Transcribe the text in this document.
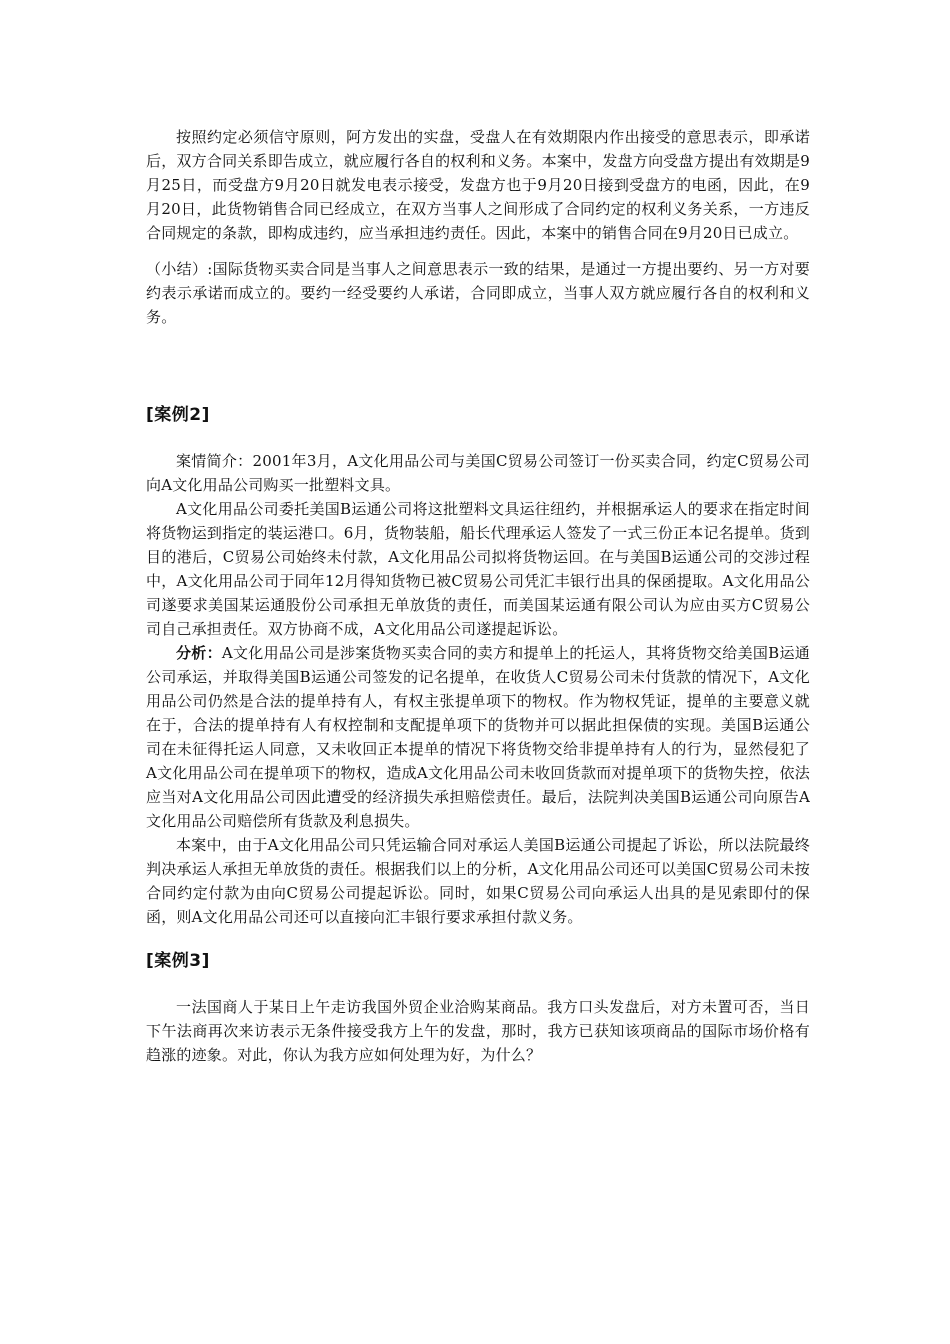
按照约定必须信守原则，阿方发出的实盘，受盘人在有效期限内作出接受的意思表示，即承诺后，双方合同关系即告成立，就应履行各自的权利和义务。本案中，发盘方向受盘方提出有效期是9月25日，而受盘方9月20日就发电表示接受，发盘方也于9月20日接到受盘方的电函，因此，在9月20日，此货物销售合同已经成立，在双方当事人之间形成了合同约定的权利义务关系，一方违反合同规定的条款，即构成违约，应当承担违约责任。因此，本案中的销售合同在9月20日已成立。

（小结）:国际货物买卖合同是当事人之间意思表示一致的结果，是通过一方提出要约、另一方对要约表示承诺而成立的。要约一经受要约人承诺，合同即成立，当事人双方就应履行各自的权利和义务。

[案例2]

案情简介：2001年3月，A文化用品公司与美国C贸易公司签订一份买卖合同，约定C贸易公司向A文化用品公司购买一批塑料文具。

A文化用品公司委托美国B运通公司将这批塑料文具运往纽约，并根据承运人的要求在指定时间将货物运到指定的装运港口。6月，货物装船，船长代理承运人签发了一式三份正本记名提单。货到目的港后，C贸易公司始终未付款，A文化用品公司拟将货物运回。在与美国B运通公司的交涉过程中，A文化用品公司于同年12月得知货物已被C贸易公司凭汇丰银行出具的保函提取。A文化用品公司遂要求美国某运通股份公司承担无单放货的责任，而美国某运通有限公司认为应由买方C贸易公司自己承担责任。双方协商不成，A文化用品公司遂提起诉讼。

分析：A文化用品公司是涉案货物买卖合同的卖方和提单上的托运人，其将货物交给美国B运通公司承运，并取得美国B运通公司签发的记名提单，在收货人C贸易公司未付货款的情况下，A文化用品公司仍然是合法的提单持有人，有权主张提单项下的物权。作为物权凭证，提单的主要意义就在于，合法的提单持有人有权控制和支配提单项下的货物并可以据此担保债的实现。美国B运通公司在未征得托运人同意，又未收回正本提单的情况下将货物交给非提单持有人的行为，显然侵犯了A文化用品公司在提单项下的物权，造成A文化用品公司未收回货款而对提单项下的货物失控，依法应当对A文化用品公司因此遭受的经济损失承担赔偿责任。最后，法院判决美国B运通公司向原告A文化用品公司赔偿所有货款及利息损失。

本案中，由于A文化用品公司只凭运输合同对承运人美国B运通公司提起了诉讼，所以法院最终判决承运人承担无单放货的责任。根据我们以上的分析，A文化用品公司还可以美国C贸易公司未按合同约定付款为由向C贸易公司提起诉讼。同时，如果C贸易公司向承运人出具的是见索即付的保函，则A文化用品公司还可以直接向汇丰银行要求承担付款义务。

[案例3]

一法国商人于某日上午走访我国外贸企业洽购某商品。我方口头发盘后，对方未置可否，当日下午法商再次来访表示无条件接受我方上午的发盘，那时，我方已获知该项商品的国际市场价格有趋涨的迹象。对此，你认为我方应如何处理为好，为什么？
